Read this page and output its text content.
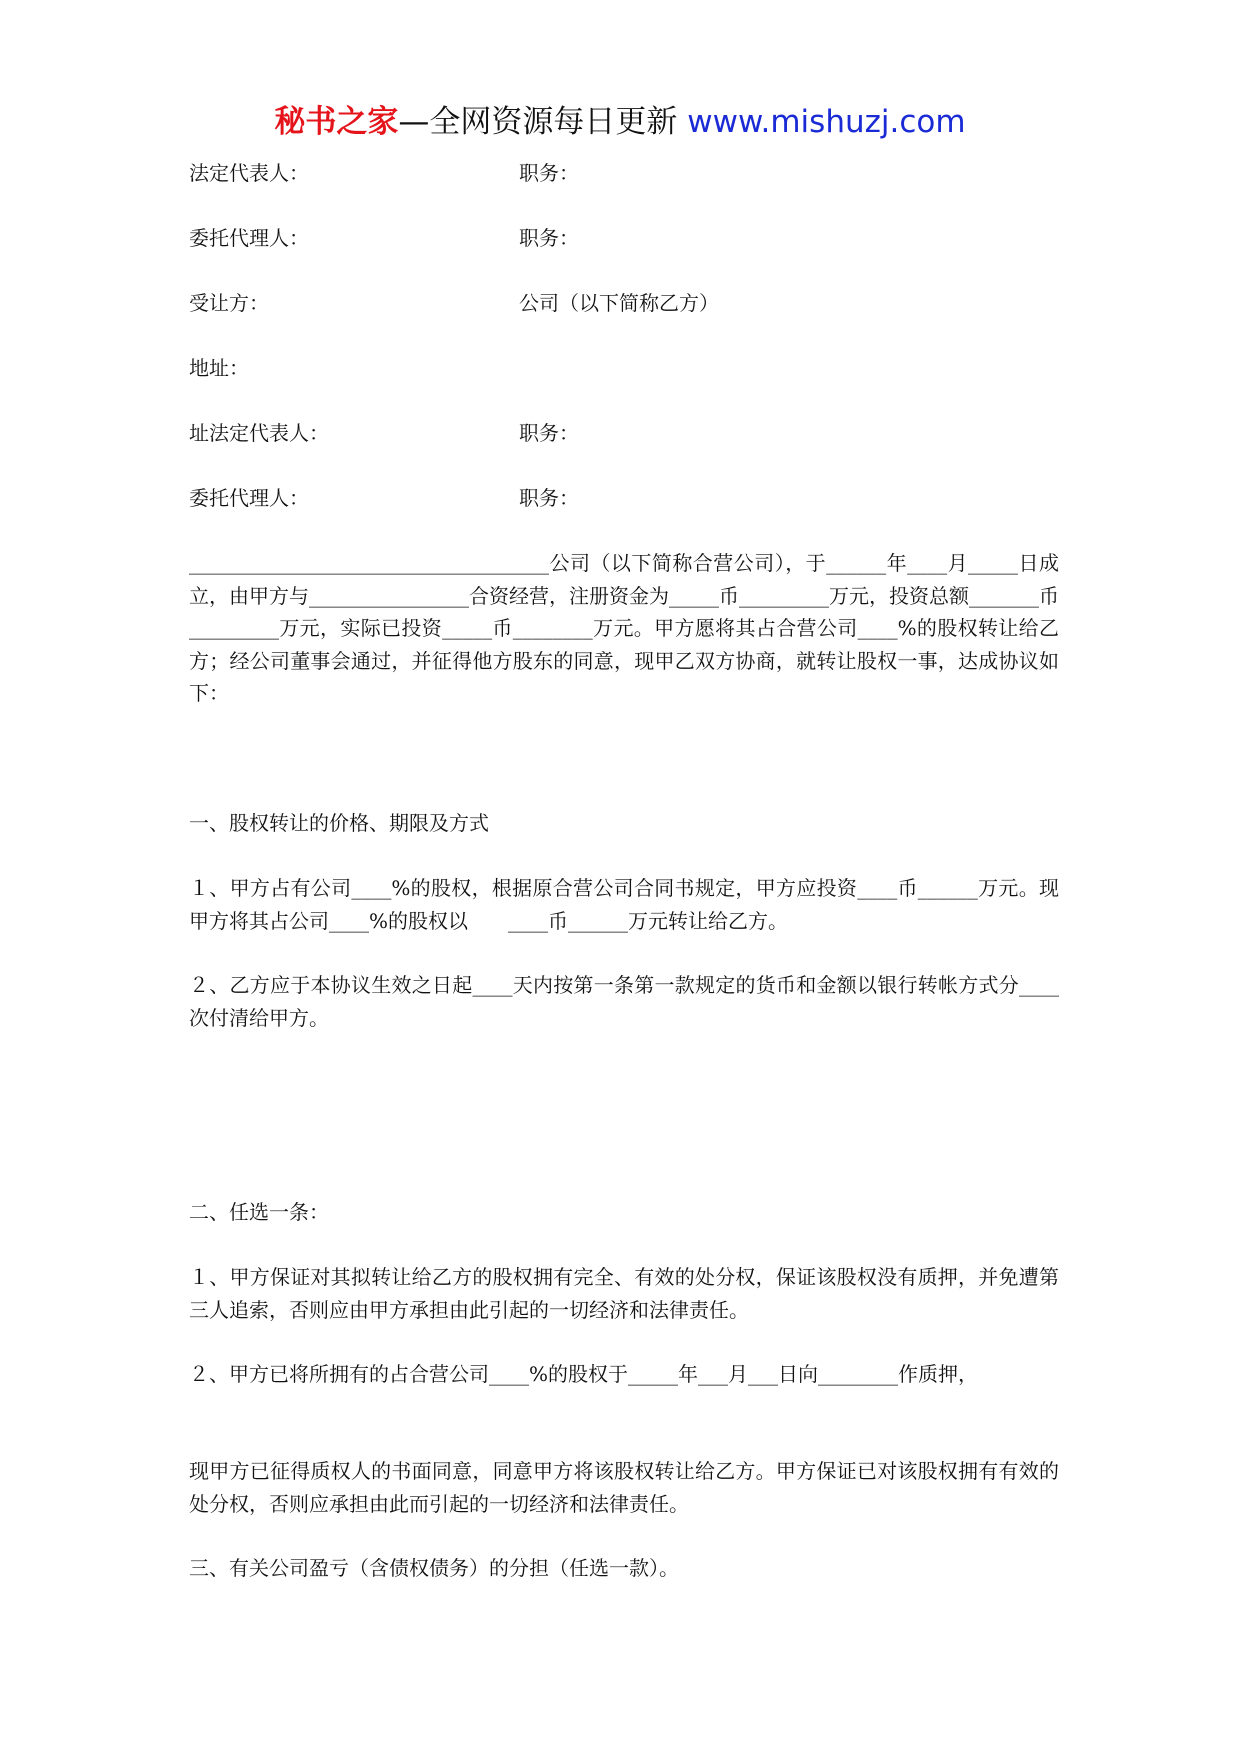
秘书之家—全网资源每日更新 www.mishuzj.com
法定代表人：	职务：
委托代理人：	职务：
受让方：	公司（以下简称乙方）
地址：
址法定代表人：	职务：
委托代理人：	职务：
____________________________________公司（以下简称合营公司），于______年____月_____日成立，由甲方与________________合资经营，注册资金为_____币_________万元，投资总额_______币_________万元，实际已投资_____币________万元。甲方愿将其占合营公司____%的股权转让给乙方；经公司董事会通过，并征得他方股东的同意，现甲乙双方协商，就转让股权一事，达成协议如下：
一、股权转让的价格、期限及方式
１、甲方占有公司____%的股权，根据原合营公司合同书规定，甲方应投资____币______万元。现甲方将其占公司____%的股权以　　____币______万元转让给乙方。
２、乙方应于本协议生效之日起____天内按第一条第一款规定的货币和金额以银行转帐方式分____次付清给甲方。
二、任选一条：
１、甲方保证对其拟转让给乙方的股权拥有完全、有效的处分权，保证该股权没有质押，并免遭第三人追索，否则应由甲方承担由此引起的一切经济和法律责任。
２、甲方已将所拥有的占合营公司____%的股权于_____年___月___日向________作质押，
现甲方已征得质权人的书面同意，同意甲方将该股权转让给乙方。甲方保证已对该股权拥有有效的处分权，否则应承担由此而引起的一切经济和法律责任。
三、有关公司盈亏（含债权债务）的分担（任选一款）。
